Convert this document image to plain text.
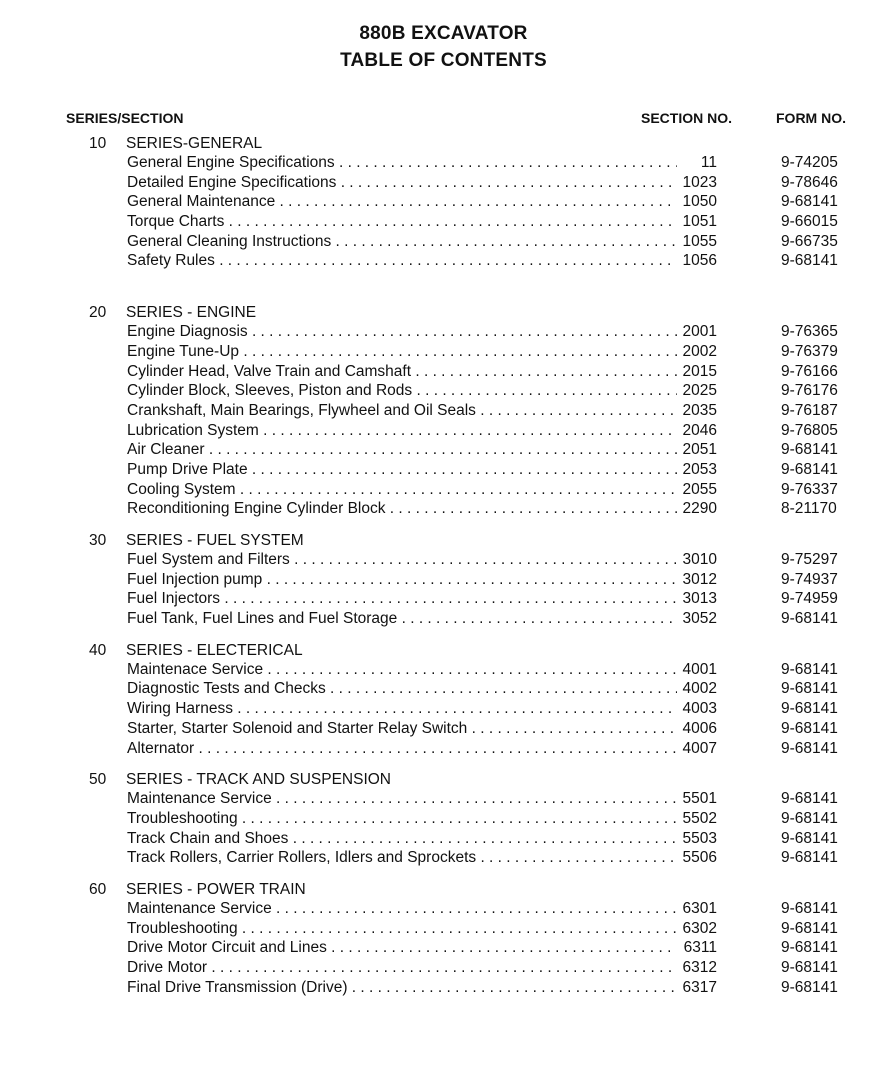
880B EXCAVATOR
TABLE OF CONTENTS
SERIES/SECTION	SECTION NO.	FORM NO.
10 SERIES-GENERAL
General Engine Specifications . . .	11	9-74205
Detailed Engine Specifications . . .	1023	9-78646
General Maintenance . . .	1050	9-68141
Torque Charts . . .	1051	9-66015
General Cleaning Instructions . . .	1055	9-66735
Safety Rules . . .	1056	9-68141
20 SERIES - ENGINE
Engine Diagnosis . . .	2001	9-76365
Engine Tune-Up . . .	2002	9-76379
Cylinder Head, Valve Train and Camshaft . . .	2015	9-76166
Cylinder Block, Sleeves, Piston and Rods . . .	2025	9-76176
Crankshaft, Main Bearings, Flywheel and Oil Seals . . .	2035	9-76187
Lubrication System . . .	2046	9-76805
Air Cleaner . . .	2051	9-68141
Pump Drive Plate . . .	2053	9-68141
Cooling System . . .	2055	9-76337
Reconditioning Engine Cylinder Block . . .	2290	8-21170
30 SERIES - FUEL SYSTEM
Fuel System and Filters . . .	3010	9-75297
Fuel Injection pump . . .	3012	9-74937
Fuel Injectors . . .	3013	9-74959
Fuel Tank, Fuel Lines and Fuel Storage . . .	3052	9-68141
40 SERIES - ELECTERICAL
Maintenace Service . . .	4001	9-68141
Diagnostic Tests and Checks . . .	4002	9-68141
Wiring Harness . . .	4003	9-68141
Starter, Starter Solenoid and Starter Relay Switch . . .	4006	9-68141
Alternator . . .	4007	9-68141
50 SERIES - TRACK AND SUSPENSION
Maintenance Service . . .	5501	9-68141
Troubleshooting . . .	5502	9-68141
Track Chain and Shoes . . .	5503	9-68141
Track Rollers, Carrier Rollers, Idlers and Sprockets . . .	5506	9-68141
60 SERIES - POWER TRAIN
Maintenance Service . . .	6301	9-68141
Troubleshooting . . .	6302	9-68141
Drive Motor Circuit and Lines . . .	6311	9-68141
Drive Motor . . .	6312	9-68141
Final Drive Transmission (Drive) . . .	6317	9-68141
